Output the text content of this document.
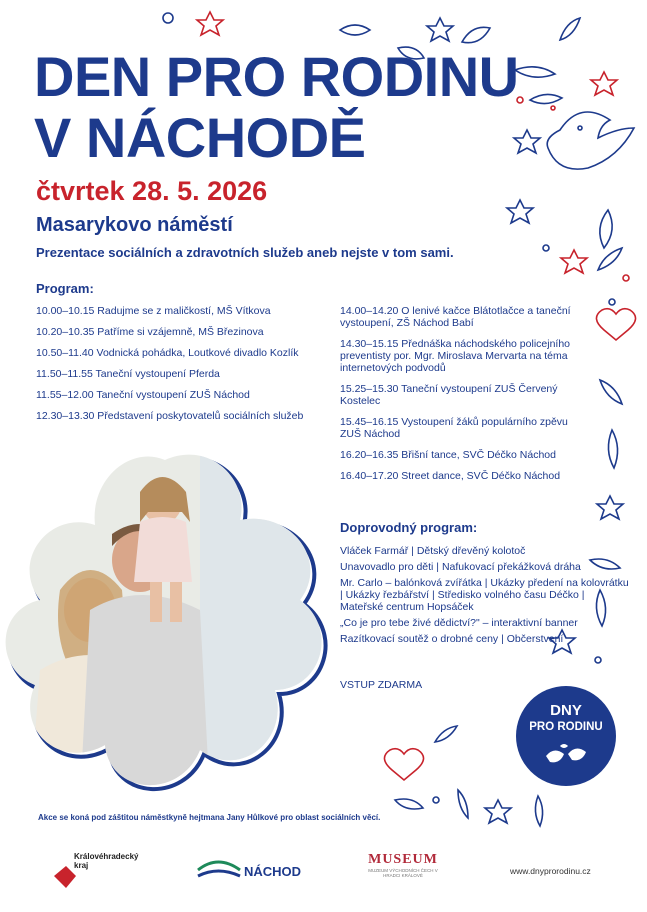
DEN PRO RODINU
V NÁCHODĚ
čtvrtek 28. 5. 2026
Masarykovo náměstí
Prezentace sociálních a zdravotních služeb aneb nejste v tom sami.
Program:
10.00–10.15 Radujme se z maličkostí, MŠ Vítkova
10.20–10.35 Patříme si vzájemně, MŠ Březinova
10.50–11.40 Vodnická pohádka, Loutkové divadlo Kozlík
11.50–11.55 Taneční vystoupení Pferda
11.55–12.00 Taneční vystoupení ZUŠ Náchod
12.30–13.30 Představení poskytovatelů sociálních služeb
14.00–14.20 O lenivé kačce Blátotlačce a taneční vystoupení, ZŠ Náchod Babí
14.30–15.15 Přednáška náchodského policejního preventisty por. Mgr. Miroslava Mervarta na téma internetových podvodů
15.25–15.30 Taneční vystoupení ZUŠ Červený Kostelec
15.45–16.15 Vystoupení žáků populárního zpěvu ZUŠ Náchod
16.20–16.35 Břišní tance, SVČ Déčko Náchod
16.40–17.20 Street dance, SVČ Déčko Náchod
Doprovodný program:
Vláček Farmář | Dětský dřevěný kolotoč
Unavovadlo pro děti | Nafukovací překážková dráha
Mr. Carlo – balónková zvířátka | Ukázky předení na kolovrátku | Ukázky řezbářství | Středisko volného času Déčko | Mateřské centrum Hopsáček
„Co je pro tebe živé dědictví?" – interaktivní banner
Razítkovací soutěž o drobné ceny | Občerstvení
VSTUP ZDARMA
DNY
PRO RODINU
Akce se koná pod záštitou náměstkyně hejtmana Jany Hůlkové pro oblast sociálních věcí.
Královéhradecký kraj	NÁCHOD
MUSEUM
MUZEUM VÝCHODNÍCH ČECH V HRADCI KRÁLOVÉ	www.dnyprorodinu.cz
